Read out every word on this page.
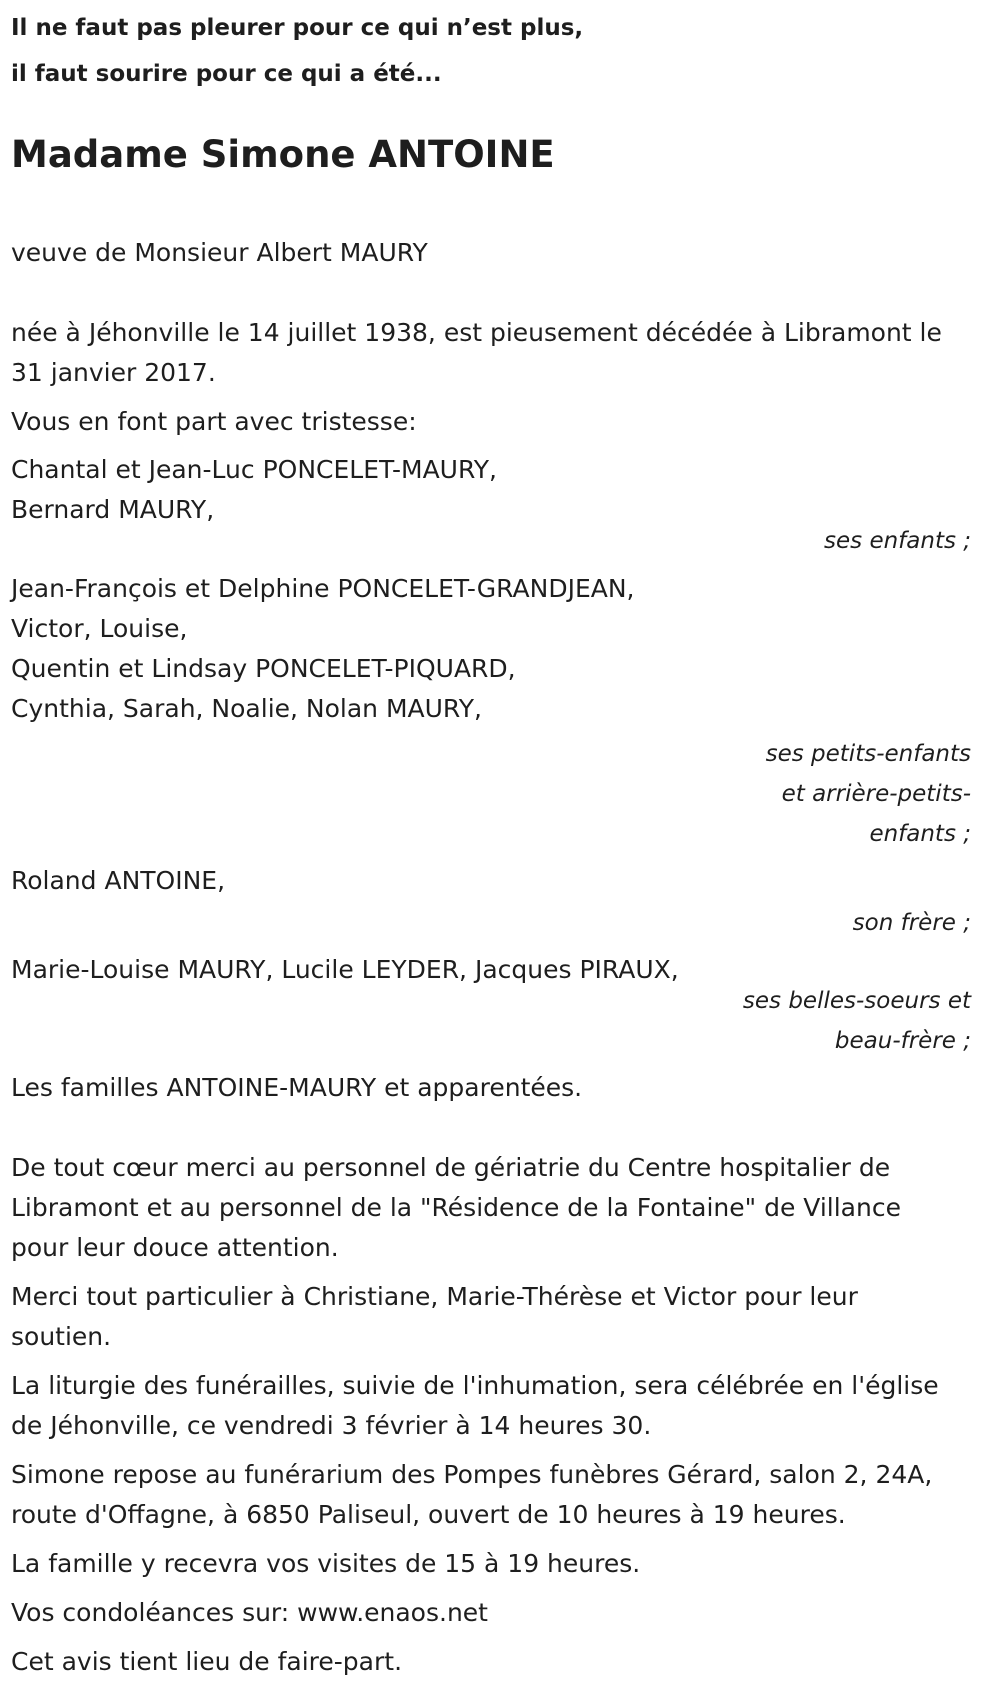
Il ne faut pas pleurer pour ce qui n’est plus,
il faut sourire pour ce qui a été...
Madame Simone ANTOINE
veuve de Monsieur Albert MAURY
née à Jéhonville le 14 juillet 1938, est pieusement décédée à Libramont le
31 janvier 2017.
Vous en font part avec tristesse:
Chantal et Jean-Luc PONCELET-MAURY,
Bernard MAURY,
ses enfants ;
Jean-François et Delphine PONCELET-GRANDJEAN,
Victor, Louise,
Quentin et Lindsay PONCELET-PIQUARD,
Cynthia, Sarah, Noalie, Nolan MAURY,
ses petits-enfants
et arrière-petits-
enfants ;
Roland ANTOINE,
son frère ;
Marie-Louise MAURY, Lucile LEYDER, Jacques PIRAUX,
ses belles-soeurs et
beau-frère ;
Les familles ANTOINE-MAURY et apparentées.
De tout cœur merci au personnel de gériatrie du Centre hospitalier de
Libramont et au personnel de la "Résidence de la Fontaine" de Villance
pour leur douce attention.
Merci tout particulier à Christiane, Marie-Thérèse et Victor pour leur
soutien.
La liturgie des funérailles, suivie de l'inhumation, sera célébrée en l'église
de Jéhonville, ce vendredi 3 février à 14 heures 30.
Simone repose au funérarium des Pompes funèbres Gérard, salon 2, 24A,
route d'Offagne, à 6850 Paliseul, ouvert de 10 heures à 19 heures.
La famille y recevra vos visites de 15 à 19 heures.
Vos condoléances sur: www.enaos.net
Cet avis tient lieu de faire-part.
